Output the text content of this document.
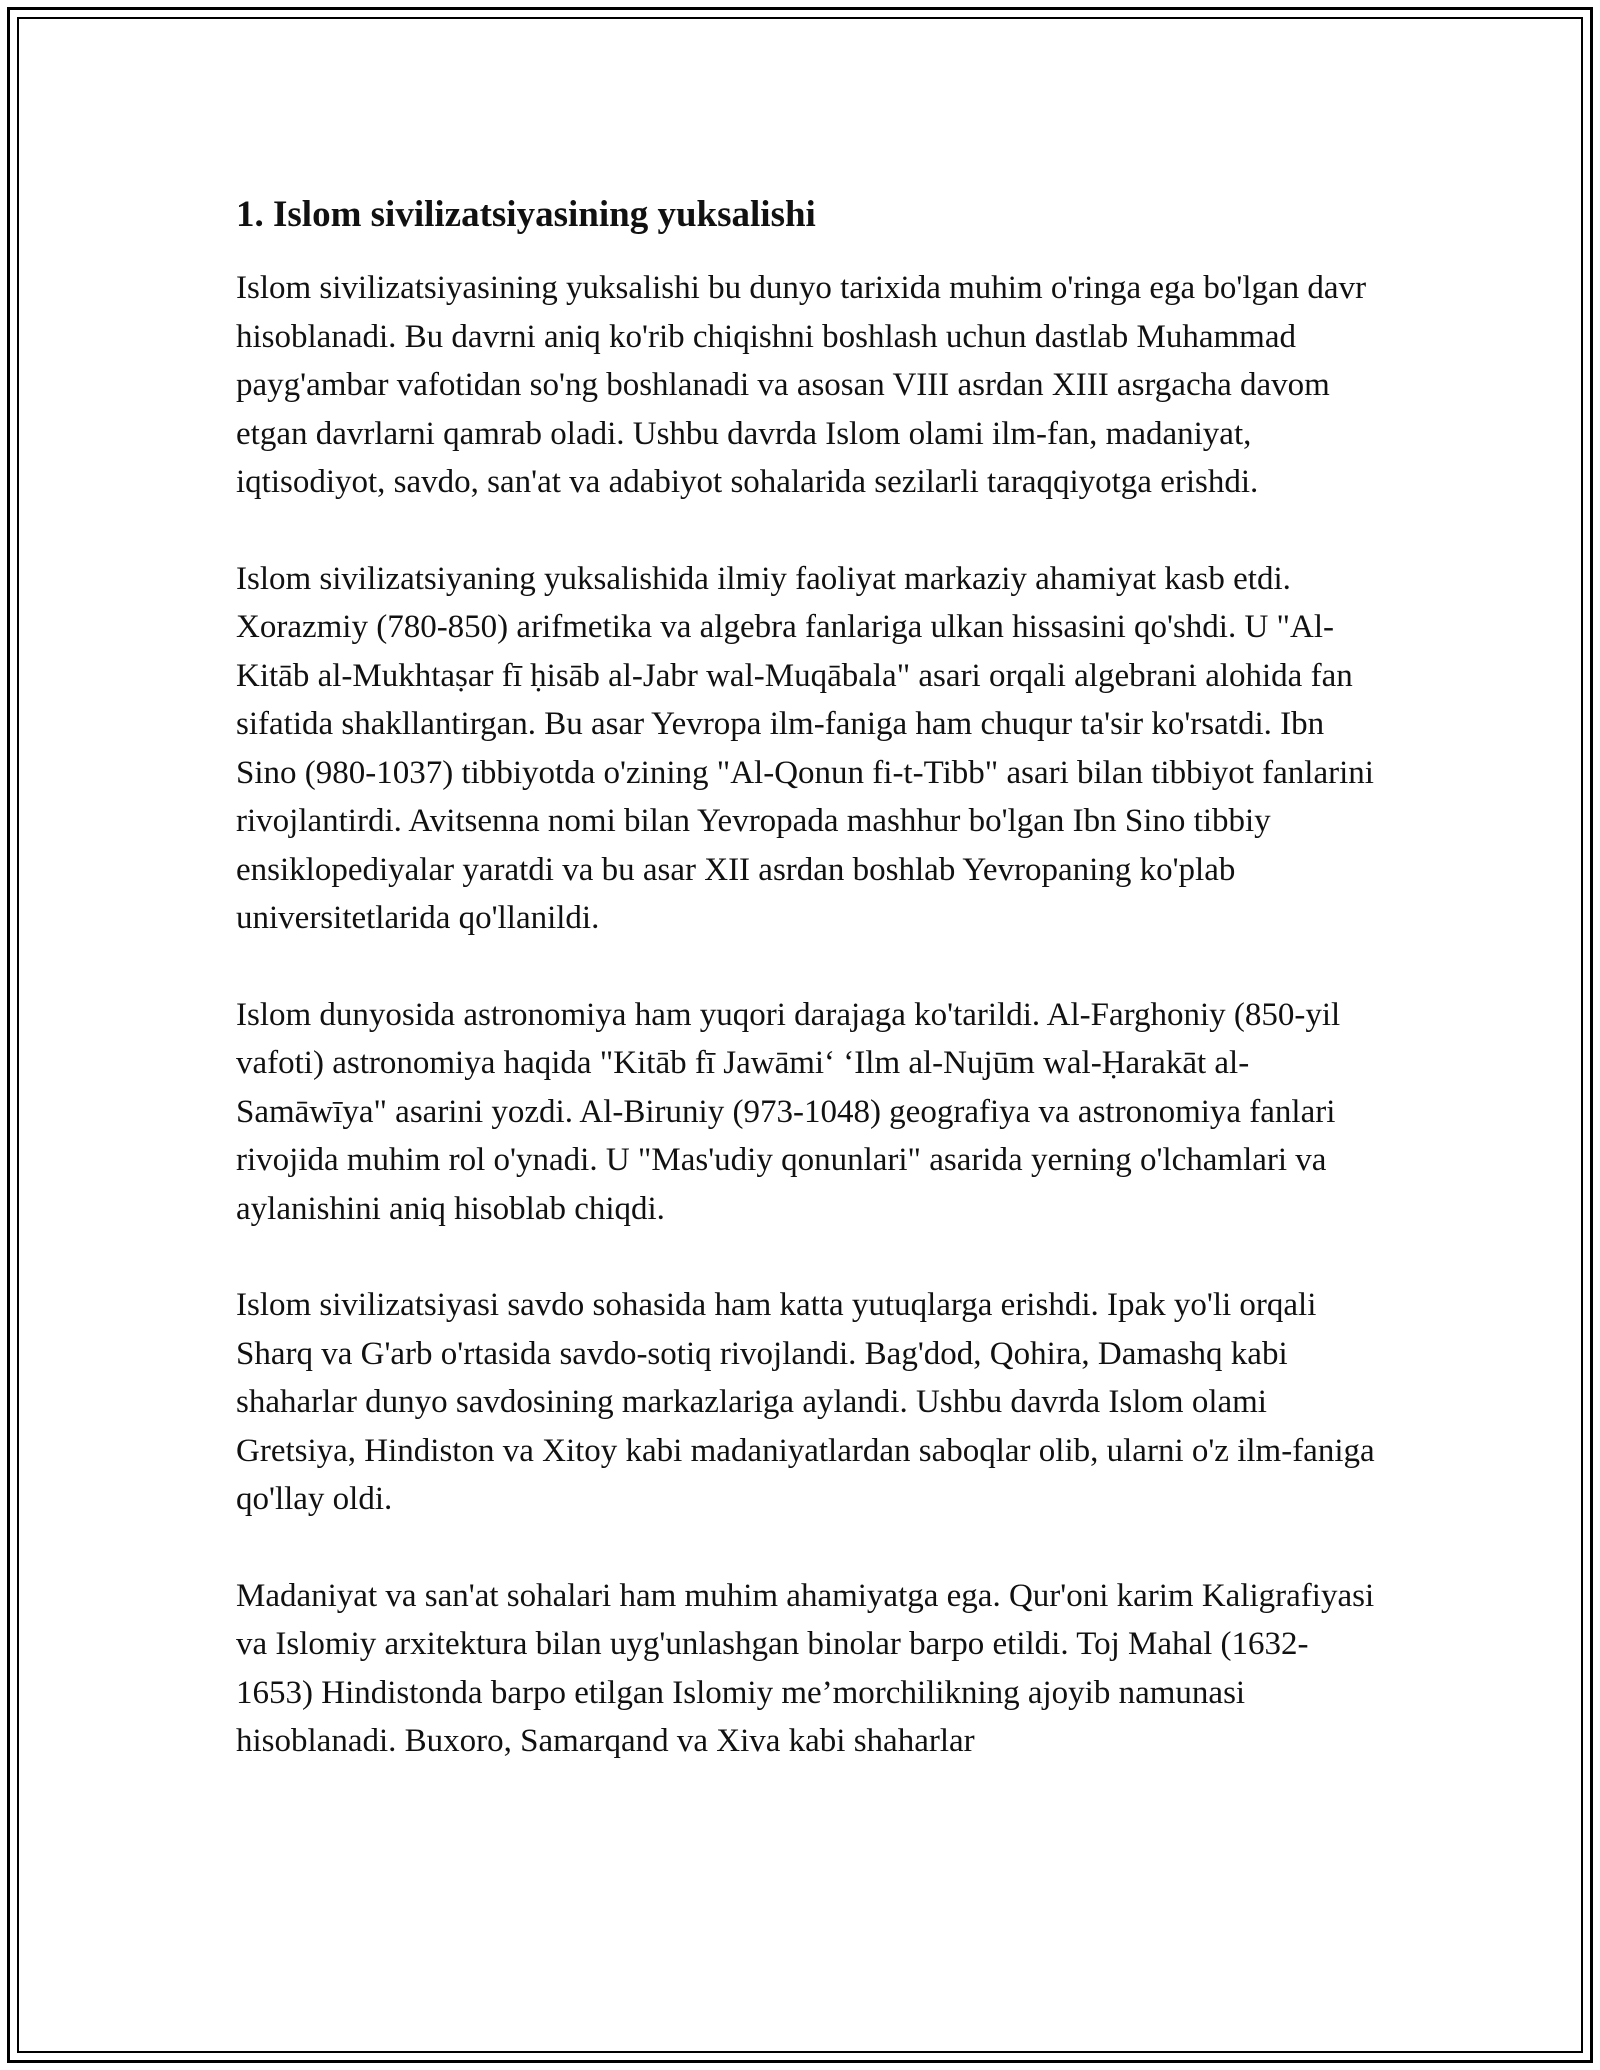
1. Islom sivilizatsiyasining yuksalishi

Islom sivilizatsiyasining yuksalishi bu dunyo tarixida muhim o'ringa ega bo'lgan davr hisoblanadi. Bu davrni aniq ko'rib chiqishni boshlash uchun dastlab Muhammad payg'ambar vafotidan so'ng boshlanadi va asosan VIII asrdan XIII asrgacha davom etgan davrlarni qamrab oladi. Ushbu davrda Islom olami ilm-fan, madaniyat, iqtisodiyot, savdo, san'at va adabiyot sohalarida sezilarli taraqqiyotga erishdi.

Islom sivilizatsiyaning yuksalishida ilmiy faoliyat markaziy ahamiyat kasb etdi. Xorazmiy (780-850) arifmetika va algebra fanlariga ulkan hissasini qo'shdi. U "Al-Kitāb al-Mukhtaṣar fī ḥisāb al-Jabr wal-Muqābala" asari orqali algebrani alohida fan sifatida shakllantirgan. Bu asar Yevropa ilm-faniga ham chuqur ta'sir ko'rsatdi. Ibn Sino (980-1037) tibbiyotda o'zining "Al-Qonun fi-t-Tibb" asari bilan tibbiyot fanlarini rivojlantirdi. Avitsenna nomi bilan Yevropada mashhur bo'lgan Ibn Sino tibbiy ensiklopediyalar yaratdi va bu asar XII asrdan boshlab Yevropaning ko'plab universitetlarida qo'llanildi.

Islom dunyosida astronomiya ham yuqori darajaga ko'tarildi. Al-Farghoniy (850-yil vafoti) astronomiya haqida "Kitāb fī Jawāmi‘ ‘Ilm al-Nujūm wal-Ḥarakāt al-Samāwīya" asarini yozdi. Al-Biruniy (973-1048) geografiya va astronomiya fanlari rivojida muhim rol o'ynadi. U "Mas'udiy qonunlari" asarida yerning o'lchamlari va aylanishini aniq hisoblab chiqdi.

Islom sivilizatsiyasi savdo sohasida ham katta yutuqlarga erishdi. Ipak yo'li orqali Sharq va G'arb o'rtasida savdo-sotiq rivojlandi. Bag'dod, Qohira, Damashq kabi shaharlar dunyo savdosining markazlariga aylandi. Ushbu davrda Islom olami Gretsiya, Hindiston va Xitoy kabi madaniyatlardan saboqlar olib, ularni o'z ilm-faniga qo'llay oldi.

Madaniyat va san'at sohalari ham muhim ahamiyatga ega. Qur'oni karim Kaligrafiyasi va Islomiy arxitektura bilan uyg'unlashgan binolar barpo etildi. Toj Mahal (1632-1653) Hindistonda barpo etilgan Islomiy me’morchilikning ajoyib namunasi hisoblanadi. Buxoro, Samarqand va Xiva kabi shaharlar
